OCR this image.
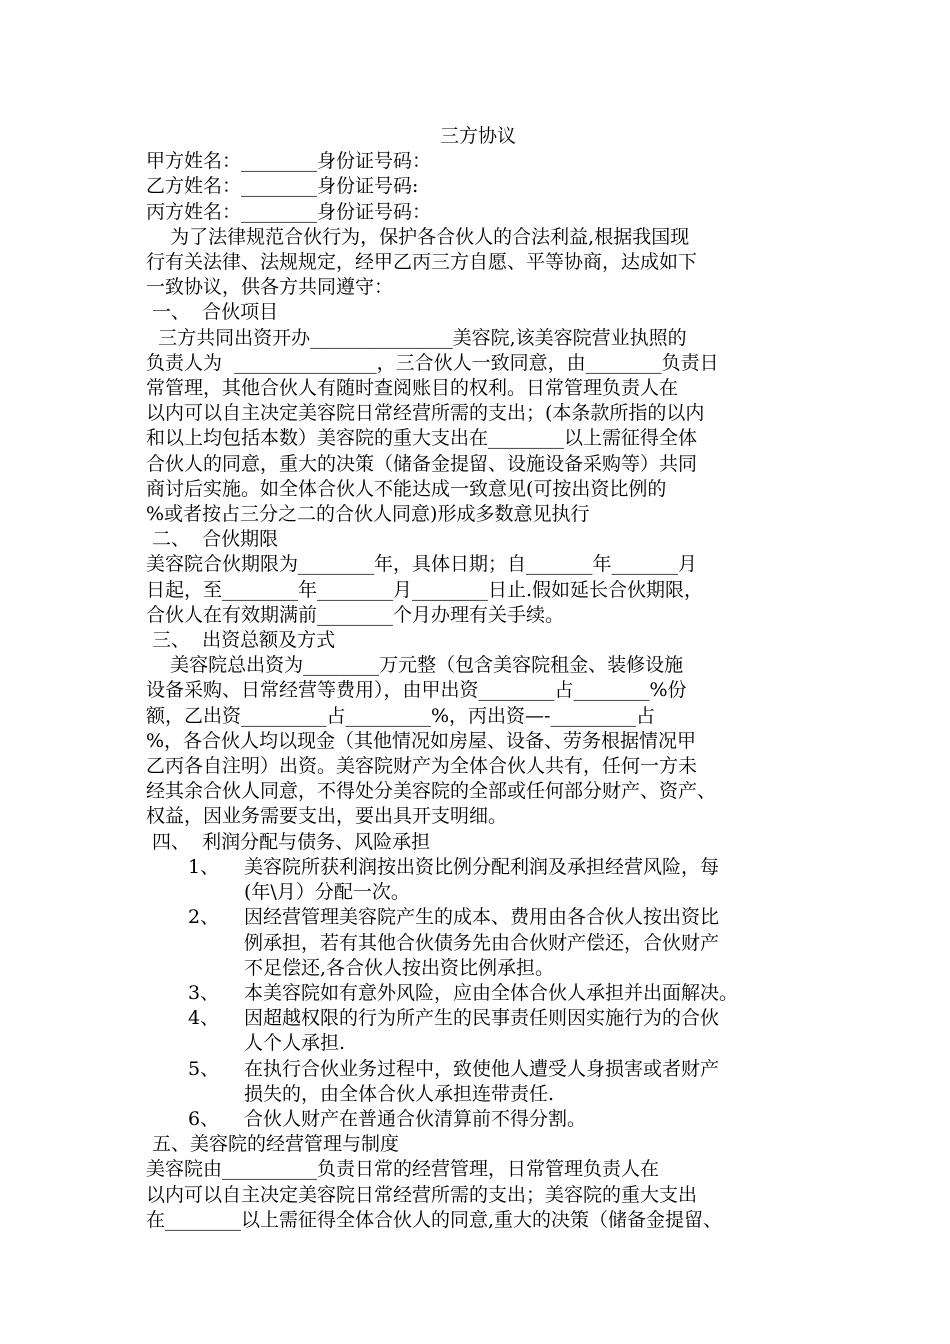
三方协议
甲方姓名：________身份证号码：
乙方姓名：________身份证号码:
丙方姓名：________身份证号码：
为了法律规范合伙行为，保护各合伙人的合法利益,根据我国现
行有关法律、法规规定，经甲乙丙三方自愿、平等协商，达成如下
一致协议，供各方共同遵守：
一、  合伙项目
三方共同出资开办_______________美容院,该美容院营业执照的
负责人为  _______________，三合伙人一致同意，由________负责日
常管理，其他合伙人有随时查阅账目的权利。日常管理负责人在
以内可以自主决定美容院日常经营所需的支出；(本条款所指的以内
和以上均包括本数）美容院的重大支出在________以上需征得全体
合伙人的同意，重大的决策（储备金提留、设施设备采购等）共同
商讨后实施。如全体合伙人不能达成一致意见(可按出资比例的
%或者按占三分之二的合伙人同意)形成多数意见执行
二、  合伙期限
美容院合伙期限为________年，具体日期；自_______年_______月
日起，至________年________月________日止.假如延长合伙期限，
合伙人在有效期满前________个月办理有关手续。
三、  出资总额及方式
美容院总出资为________万元整（包含美容院租金、装修设施
设备采购、日常经营等费用），由甲出资________占________%份
额，乙出资_________占_________%，丙出资—-_________占
%，各合伙人均以现金（其他情况如房屋、设备、劳务根据情况甲
乙丙各自注明）出资。美容院财产为全体合伙人共有，任何一方未
经其余合伙人同意，不得处分美容院的全部或任何部分财产、资产、
权益，因业务需要支出，要出具开支明细。
四、  利润分配与债务、风险承担
1、 美容院所获利润按出资比例分配利润及承担经营风险，每
(年\月）分配一次。
2、 因经营管理美容院产生的成本、费用由各合伙人按出资比
例承担，若有其他合伙债务先由合伙财产偿还，合伙财产
不足偿还,各合伙人按出资比例承担。
3、 本美容院如有意外风险，应由全体合伙人承担并出面解决。
4、 因超越权限的行为所产生的民事责任则因实施行为的合伙
人个人承担.
5、 在执行合伙业务过程中，致使他人遭受人身损害或者财产
损失的，由全体合伙人承担连带责任.
6、 合伙人财产在普通合伙清算前不得分割。
五、美容院的经营管理与制度
美容院由__________负责日常的经营管理，日常管理负责人在
以内可以自主决定美容院日常经营所需的支出；美容院的重大支出
在________以上需征得全体合伙人的同意,重大的决策（储备金提留、
